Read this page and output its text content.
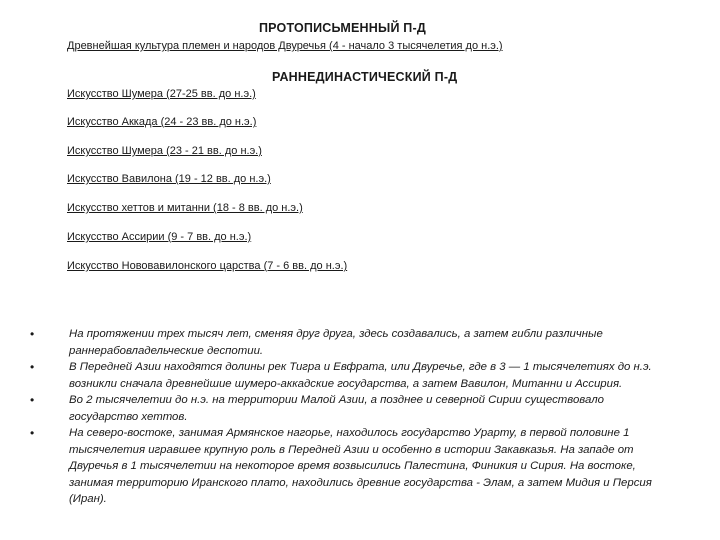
ПРОТОПИСЬМЕННЫЙ П-Д
Древнейшая культура племен и народов Двуречья (4 - начало 3 тысячелетия до н.э.)
РАННЕДИНАСТИЧЕСКИЙ П-Д
Искусство Шумера (27-25 вв. до н.э.)
Искусство Аккада (24 - 23 вв. до н.э.)
Искусство Шумера (23 - 21 вв. до н.э.)
Искусство Вавилона (19 - 12 вв. до н.э.)
Искусство хеттов и митанни (18 - 8 вв. до н.э.)
Искусство Ассирии (9 - 7 вв. до н.э.)
Искусство Нововавилонского царства (7 - 6 вв. до н.э.)
•	На протяжении трех тысяч лет, сменяя друг друга, здесь создавались, а затем гибли различные раннерабовладельческие деспотии.
•	В Передней Азии находятся долины рек Тигра и Евфрата, или Двуречье, где в 3 — 1 тысячелетиях до н.э. возникли сначала древнейшие шумеро-аккадские государства, а затем Вавилон, Митанни и Ассирия.
•	Во 2 тысячелетии до н.э. на территории Малой Азии, а позднее и северной Сирии существовало государство хеттов.
•	На северо-востоке, занимая Армянское нагорье, находилось государство Урарту, в первой половине 1 тысячелетия игравшее крупную роль в Передней Азии и особенно в истории Закавказья. На западе от Двуречья в 1 тысячелетии на некоторое время возвысились Палестина, Финикия и Сирия. На востоке, занимая территорию Иранского плато, находились древние государства - Элам, а затем Мидия и Персия (Иран).
